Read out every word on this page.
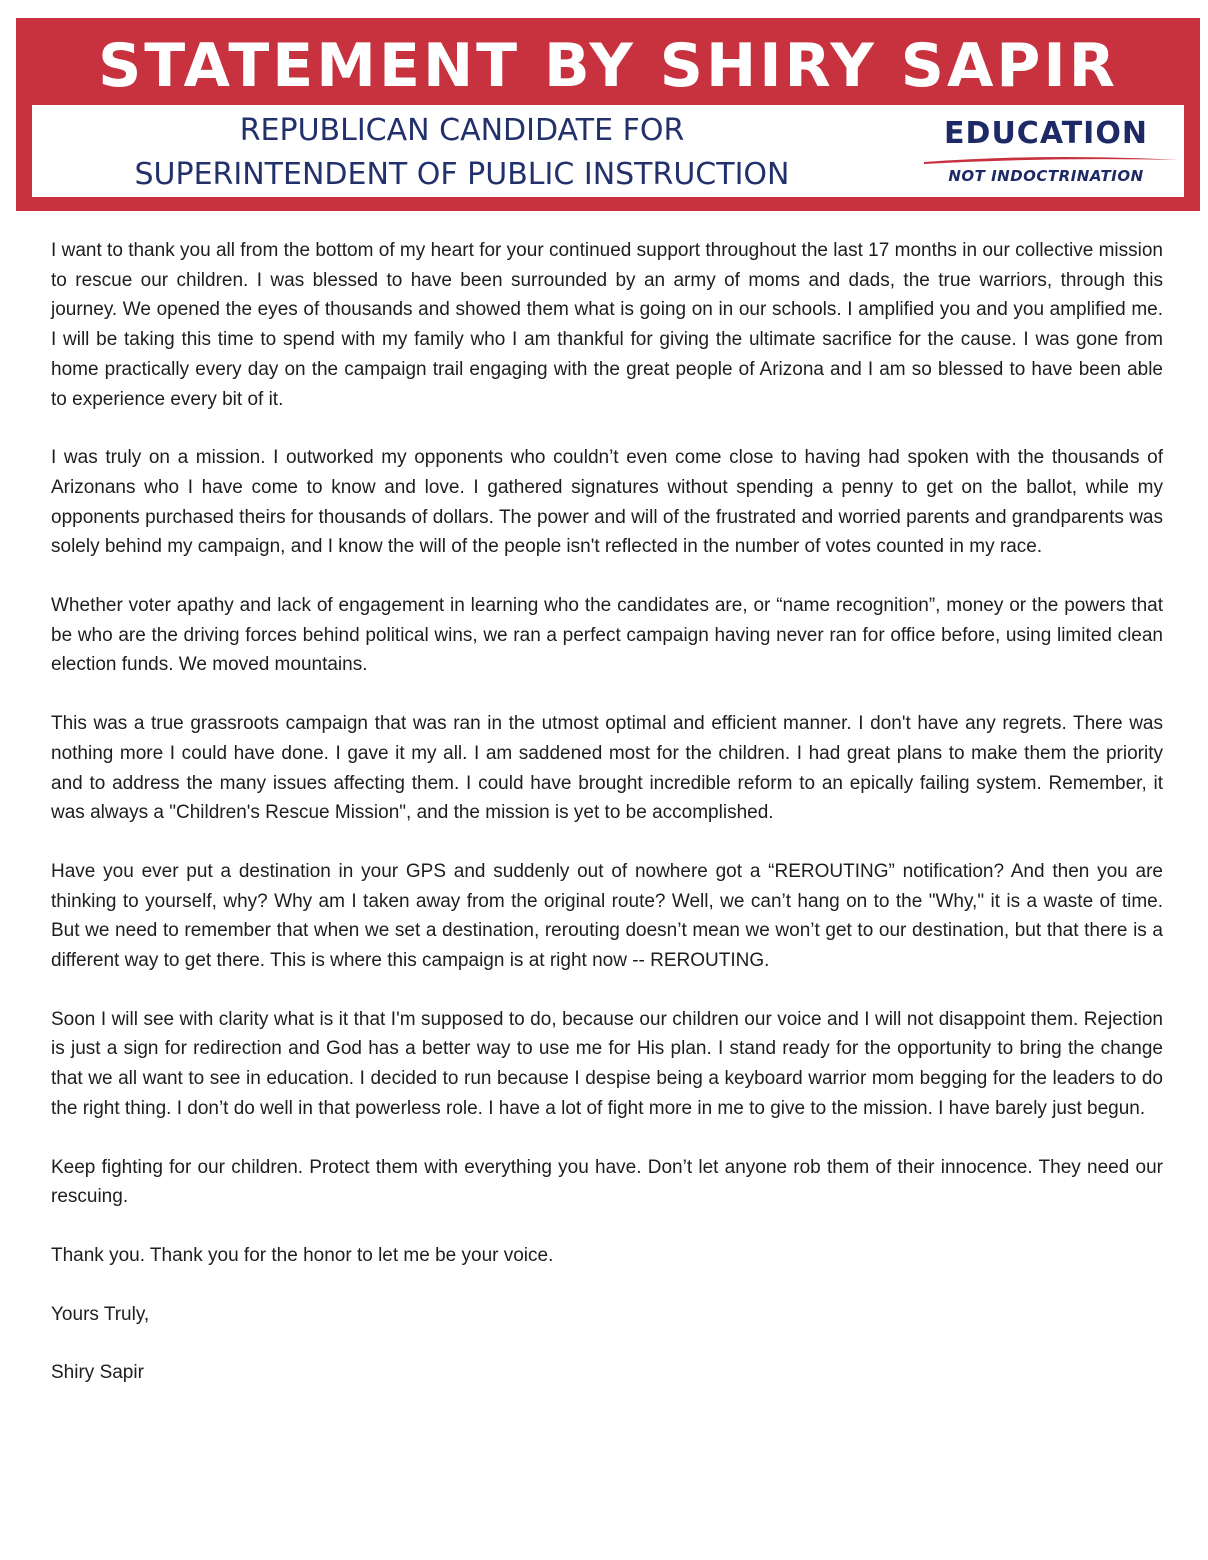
STATEMENT BY SHIRY SAPIR
REPUBLICAN CANDIDATE FOR
SUPERINTENDENT OF PUBLIC INSTRUCTION
EDUCATION
NOT INDOCTRINATION

I want to thank you all from the bottom of my heart for your continued support throughout the last 17 months in our collective mission to rescue our children. I was blessed to have been surrounded by an army of moms and dads, the true warriors, through this journey. We opened the eyes of thousands and showed them what is going on in our schools. I amplified you and you amplified me. I will be taking this time to spend with my family who I am thankful for giving the ultimate sacrifice for the cause. I was gone from home practically every day on the campaign trail engaging with the great people of Arizona and I am so blessed to have been able to experience every bit of it.

I was truly on a mission. I outworked my opponents who couldn’t even come close to having had spoken with the thousands of Arizonans who I have come to know and love. I gathered signatures without spending a penny to get on the ballot, while my opponents purchased theirs for thousands of dollars. The power and will of the frustrated and worried parents and grandparents was solely behind my campaign, and I know the will of the people isn't reflected in the number of votes counted in my race.

Whether voter apathy and lack of engagement in learning who the candidates are, or “name recognition”, money or the powers that be who are the driving forces behind political wins, we ran a perfect campaign having never ran for office before, using limited clean election funds. We moved mountains.

This was a true grassroots campaign that was ran in the utmost optimal and efficient manner. I don't have any regrets. There was nothing more I could have done. I gave it my all. I am saddened most for the children. I had great plans to make them the priority and to address the many issues affecting them. I could have brought incredible reform to an epically failing system. Remember, it was always a "Children's Rescue Mission", and the mission is yet to be accomplished.

Have you ever put a destination in your GPS and suddenly out of nowhere got a “REROUTING” notification? And then you are thinking to yourself, why? Why am I taken away from the original route? Well, we can’t hang on to the "Why," it is a waste of time. But we need to remember that when we set a destination, rerouting doesn’t mean we won’t get to our destination, but that there is a different way to get there. This is where this campaign is at right now -- REROUTING.

Soon I will see with clarity what is it that I'm supposed to do, because our children our voice and I will not disappoint them. Rejection is just a sign for redirection and God has a better way to use me for His plan. I stand ready for the opportunity to bring the change that we all want to see in education. I decided to run because I despise being a keyboard warrior mom begging for the leaders to do the right thing. I don’t do well in that powerless role. I have a lot of fight more in me to give to the mission. I have barely just begun.

Keep fighting for our children. Protect them with everything you have. Don’t let anyone rob them of their innocence. They need our rescuing.

Thank you. Thank you for the honor to let me be your voice.

Yours Truly,

Shiry Sapir
